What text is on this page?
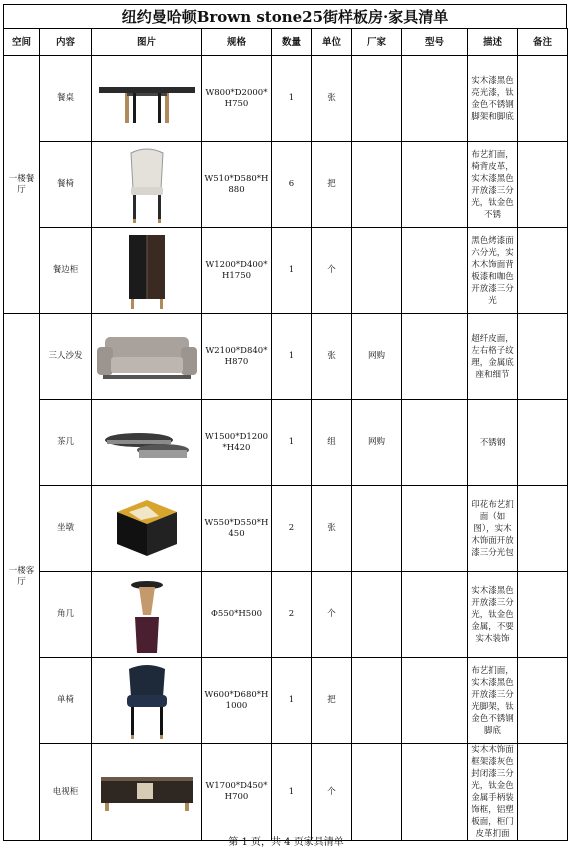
纽约曼哈顿Brown stone25街样板房·家具清单
空间	内容	图片	规格	数量	单位	厂家	型号	描述	备注
一楼餐厅	餐桌		W800*D2000*H750	1	张			实木漆黑色亮光漆，钛金色不锈钢脚架和脚底	
	餐椅		W510*D580*H880	6	把			布艺扪面，椅背皮革，实木漆黑色开放漆三分光，钛金色不锈	
	餐边柜		W1200*D400*H1750	1	个			黑色烤漆面六分光，实木木饰面背板漆和咖色开放漆三分光	
一楼客厅	三人沙发		W2100*D840*H870	1	张	网购		超纤皮面，左右格子纹理，金属底座和细节	
	茶几		W1500*D1200*H420	1	组	网购		不锈钢	
	坐墩		W550*D550*H450	2	张			印花布艺扪面（如图），实木木饰面开放漆三分光包	
	角几		Φ550*H500	2	个			实木漆黑色开放漆三分光，钛金色金属，不要实木装饰	
	单椅		W600*D680*H1000	1	把			布艺扪面，实木漆黑色开放漆三分光脚架，钛金色不锈钢脚底	
	电视柜		W1700*D450*H700	1	个			实木木饰面框架漆灰色封闭漆三分光，钛金色金属手柄装饰框，铝塑板面，柜门皮革扪面	
第 1 页，共 4 页家具清单
